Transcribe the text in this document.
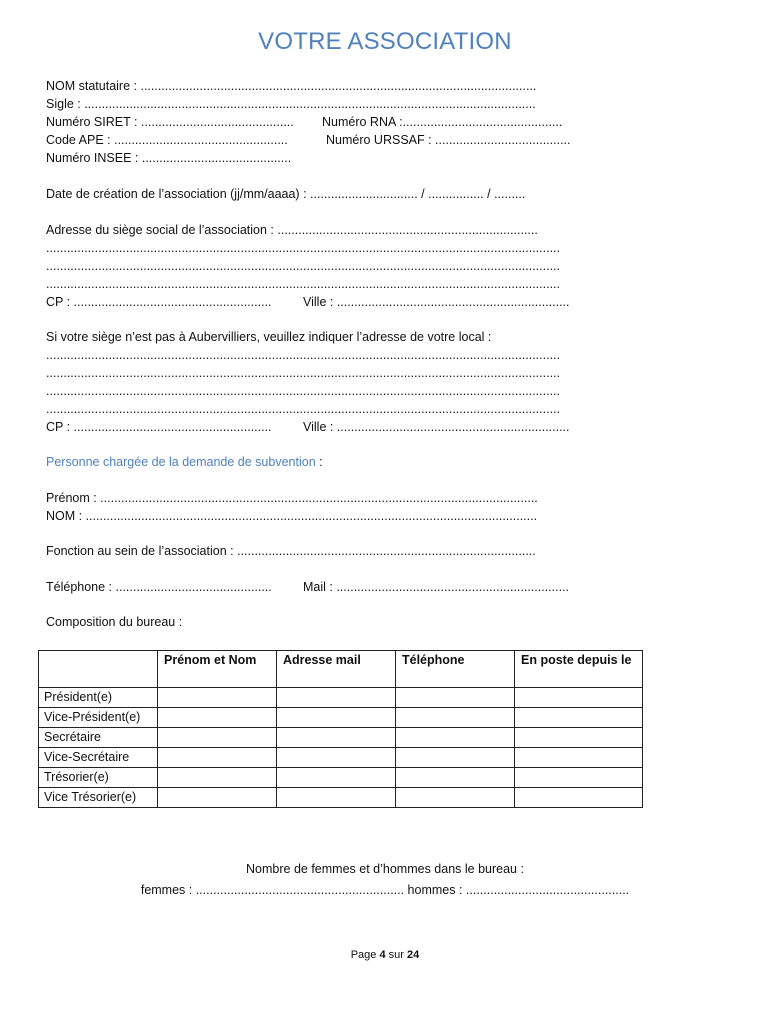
VOTRE ASSOCIATION
NOM statutaire : ..................................................................................................................
Sigle : ..................................................................................................................................
Numéro SIRET : ............................................ Numéro RNA :..............................................
Code APE : ..................................................	Numéro URSSAF : .......................................
Numéro INSEE : ...........................................
Date de création de l’association (jj/mm/aaaa) : ............................... / ................ / .........
Adresse du siège social de l’association : ...........................................................................
....................................................................................................................................................
....................................................................................................................................................
....................................................................................................................................................
CP : .........................................................	Ville : ...................................................................
Si votre siège n’est pas à Aubervilliers, veuillez indiquer l’adresse de votre local :
....................................................................................................................................................
....................................................................................................................................................
....................................................................................................................................................
....................................................................................................................................................
CP : .........................................................	Ville : ...................................................................
Personne chargée de la demande de subvention :
Prénom : ..............................................................................................................................
NOM : ..................................................................................................................................
Fonction au sein de l’association : ......................................................................................
Téléphone : ............................................. Mail : ...................................................................
Composition du bureau :
	Prénom et Nom	Adresse mail	Téléphone	En poste depuis le
Président(e)				
Vice-Président(e)				
Secrétaire				
Vice-Secrétaire				
Trésorier(e)				
Vice Trésorier(e)				
Nombre de femmes et d’hommes dans le bureau :
femmes : ............................................................ hommes : ...............................................
Page 4 sur 24
